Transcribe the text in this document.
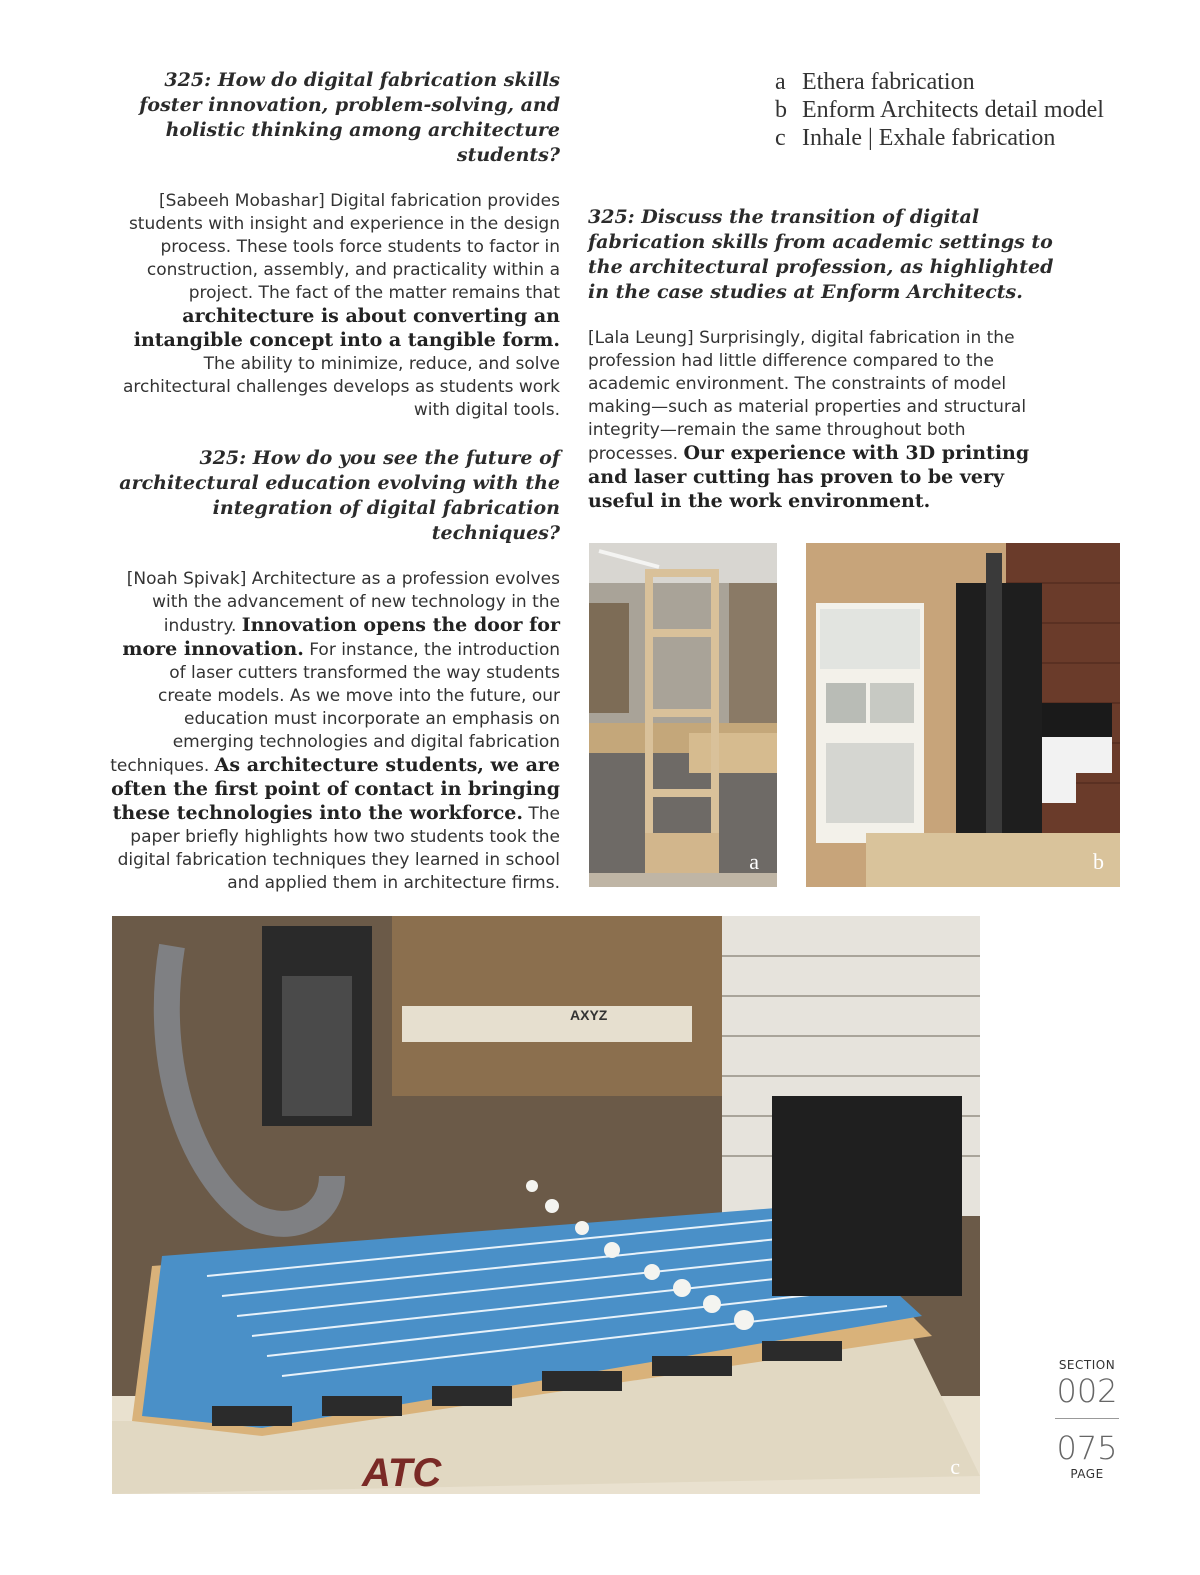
325: How do digital fabrication skills foster innovation, problem-solving, and holistic thinking among architecture students?

[Sabeeh Mobashar] Digital fabrication provides students with insight and experience in the design process. These tools force students to factor in construction, assembly, and practicality within a project. The fact of the matter remains that architecture is about converting an intangible concept into a tangible form. The ability to minimize, reduce, and solve architectural challenges develops as students work with digital tools.

325: How do you see the future of architectural education evolving with the integration of digital fabrication techniques?

[Noah Spivak] Architecture as a profession evolves with the advancement of new technology in the industry. Innovation opens the door for more innovation. For instance, the introduction of laser cutters transformed the way students create models. As we move into the future, our education must incorporate an emphasis on emerging technologies and digital fabrication techniques. As architecture students, we are often the first point of contact in bringing these technologies into the workforce. The paper briefly highlights how two students took the digital fabrication techniques they learned in school and applied them in architecture firms.

a Ethera fabrication
b Enform Architects detail model
c Inhale | Exhale fabrication

325: Discuss the transition of digital fabrication skills from academic settings to the architectural profession, as highlighted in the case studies at Enform Architects.

[Lala Leung] Surprisingly, digital fabrication in the profession had little difference compared to the academic environment. The constraints of model making—such as material properties and structural integrity—remain the same throughout both processes. Our experience with 3D printing and laser cutting has proven to be very useful in the work environment.

a	b
AXYZ
ATC	c
SECTION
002
075
PAGE
